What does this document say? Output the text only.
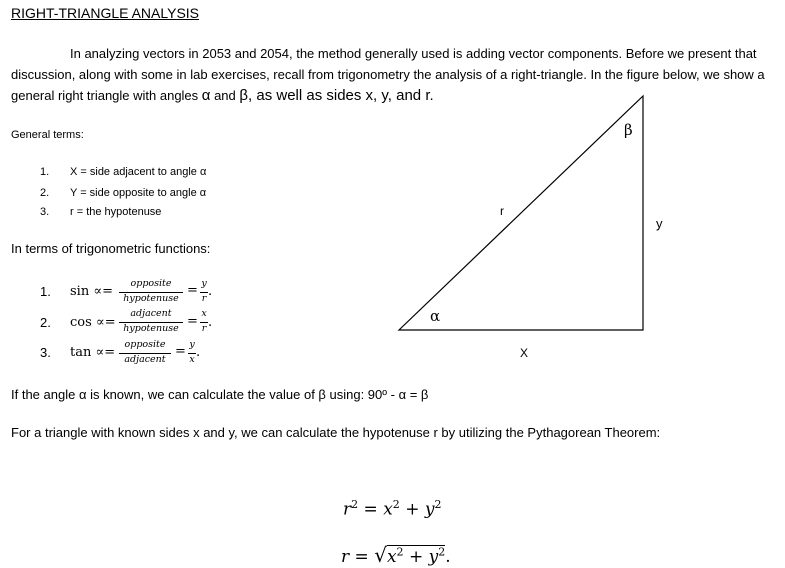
RIGHT-TRIANGLE ANALYSIS
In analyzing vectors in 2053 and 2054, the method generally used is adding vector components. Before we present that discussion, along with some in lab exercises, recall from trigonometry the analysis of a right-triangle. In the figure below, we show a general right triangle with angles α and β, as well as sides x, y, and r.
General terms:
1. X = side adjacent to angle α
2. Y = side opposite to angle α
3. r = the hypotenuse
In terms of trigonometric functions:
1. sin ∝=
opposite
hypotenuse
= y
r .
2. cos ∝=
adjacent
hypotenuse =
x
r .
3. tan ∝=
opposite
adjacent
= y
x .
β
α
r
y
X
If the angle α is known, we can calculate the value of β using: 90º - α = β
For a triangle with known sides x and y, we can calculate the hypotenuse r by utilizing the Pythagorean Theorem:
$r^2 = x^2 + y^2$
$r = √x^2 + y^2$.
